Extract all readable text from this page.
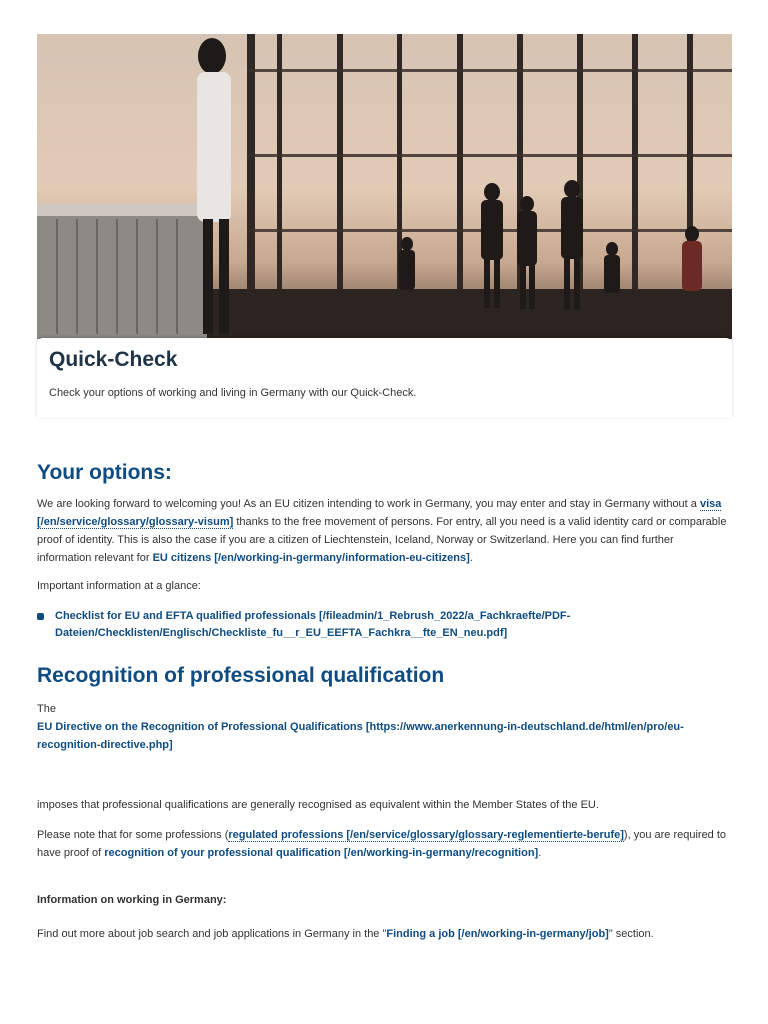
Quick-Check
Check your options of working and living in Germany with our Quick-Check.
Your options:

We are looking forward to welcoming you! As an EU citizen intending to work in Germany, you may enter and stay in Germany without a visa [/en/service/glossary/glossary-visum] thanks to the free movement of persons. For entry, all you need is a valid identity card or comparable proof of identity. This is also the case if you are a citizen of Liechtenstein, Iceland, Norway or Switzerland. Here you can find further information relevant for EU citizens [/en/working-in-germany/information-eu-citizens].

Important information at a glance:

Checklist for EU and EFTA qualified professionals [/fileadmin/1_Rebrush_2022/a_Fachkraefte/PDF-Dateien/Checklisten/Englisch/Checkliste_fu__r_EU_EEFTA_Fachkra__fte_EN_neu.pdf]
Recognition of professional qualification

The

EU Directive on the Recognition of Professional Qualifications [https://www.anerkennung-in-deutschland.de/html/en/pro/eu-recognition-directive.php]

imposes that professional qualifications are generally recognised as equivalent within the Member States of the EU.

Please note that for some professions (regulated professions [/en/service/glossary/glossary-reglementierte-berufe]), you are required to have proof of recognition of your professional qualification [/en/working-in-germany/recognition].

Information on working in Germany:

Find out more about job search and job applications in Germany in the "Finding a job [/en/working-in-germany/job]" section.
